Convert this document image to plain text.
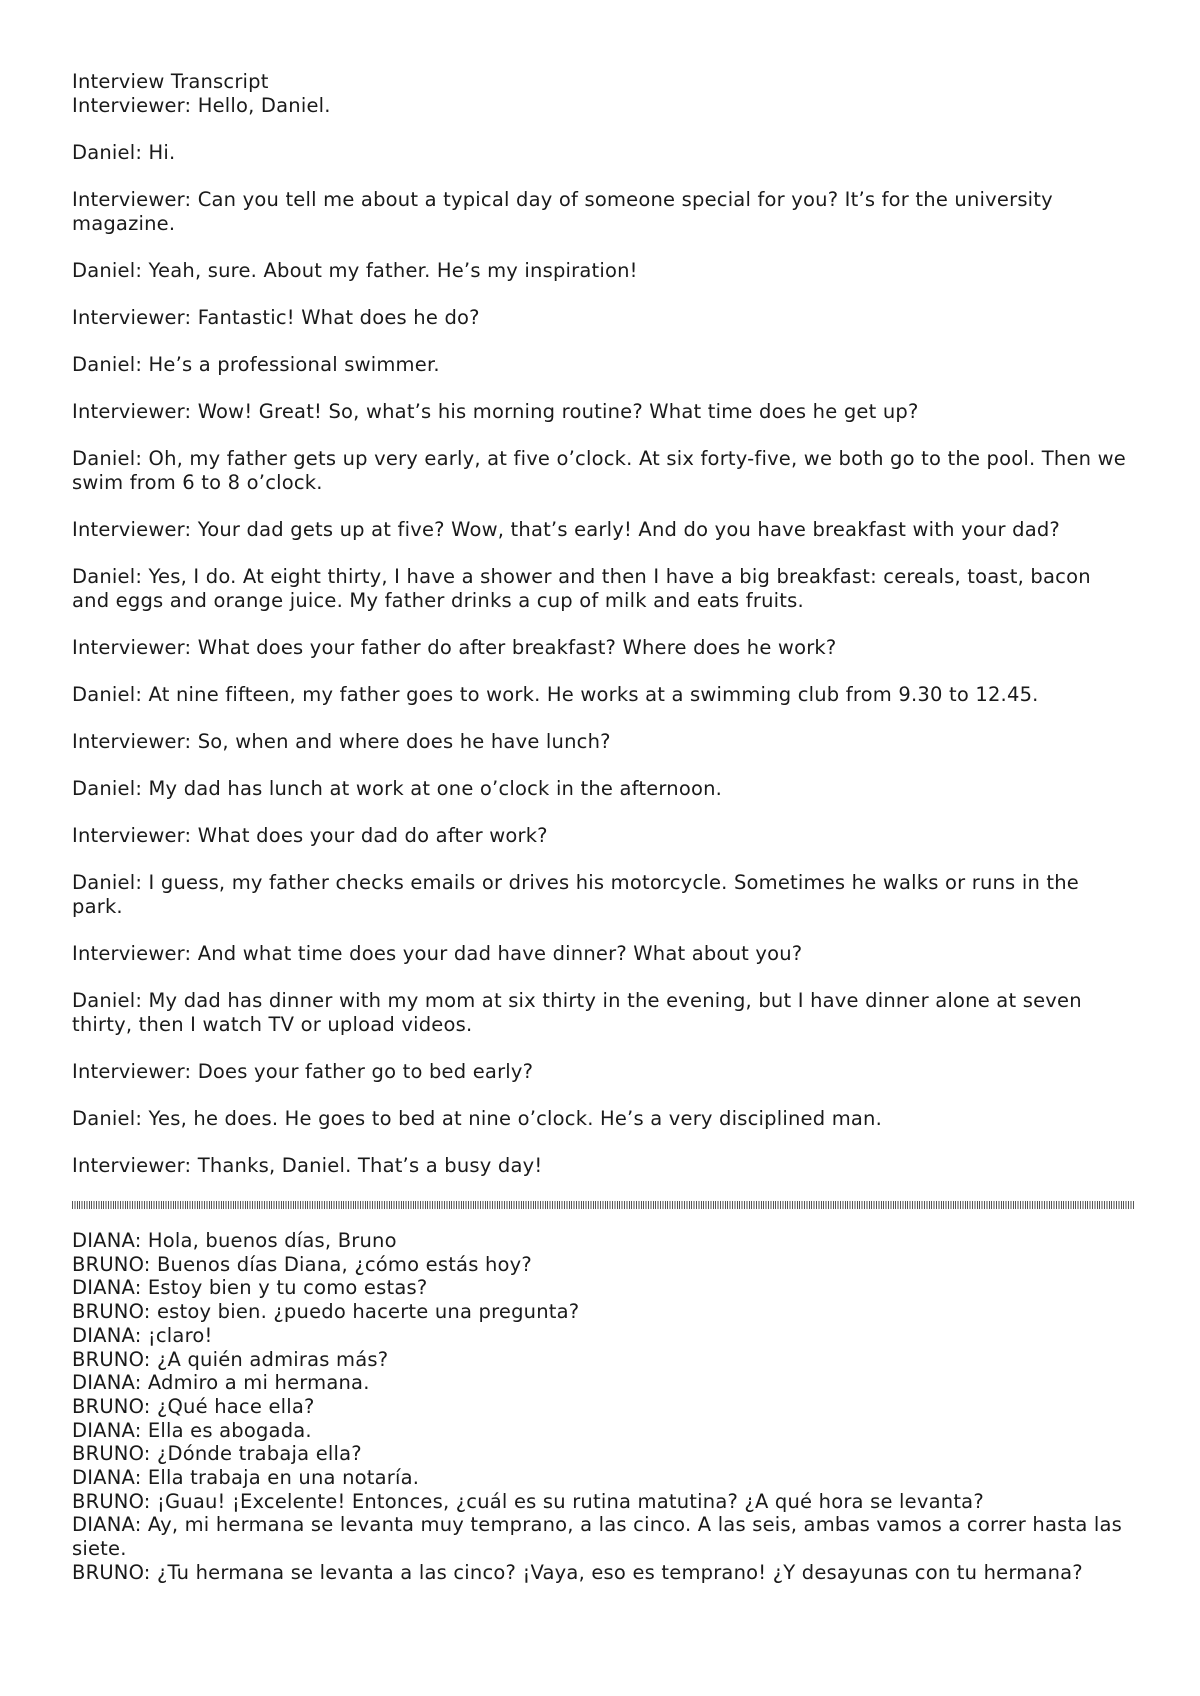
Interview Transcript

Interviewer: Hello, Daniel.

Daniel: Hi.

Interviewer: Can you tell me about a typical day of someone special for you? It’s for the university magazine.

Daniel: Yeah, sure. About my father. He’s my inspiration!

Interviewer: Fantastic! What does he do?

Daniel: He’s a professional swimmer.

Interviewer: Wow! Great! So, what’s his morning routine? What time does he get up?

Daniel: Oh, my father gets up very early, at five o’clock. At six forty-five, we both go to the pool. Then we swim from 6 to 8 o’clock.

Interviewer: Your dad gets up at five? Wow, that’s early! And do you have breakfast with your dad?

Daniel: Yes, I do. At eight thirty, I have a shower and then I have a big breakfast: cereals, toast, bacon and eggs and orange juice. My father drinks a cup of milk and eats fruits.

Interviewer: What does your father do after breakfast? Where does he work?

Daniel: At nine fifteen, my father goes to work. He works at a swimming club from 9.30 to 12.45.

Interviewer: So, when and where does he have lunch?

Daniel: My dad has lunch at work at one o’clock in the afternoon.

Interviewer: What does your dad do after work?

Daniel: I guess, my father checks emails or drives his motorcycle. Sometimes he walks or runs in the park.

Interviewer: And what time does your dad have dinner? What about you?

Daniel: My dad has dinner with my mom at six thirty in the evening, but I have dinner alone at seven thirty, then I watch TV or upload videos.

Interviewer: Does your father go to bed early?

Daniel: Yes, he does. He goes to bed at nine o’clock. He’s a very disciplined man.

Interviewer: Thanks, Daniel. That’s a busy day!

DIANA: Hola, buenos días, Bruno

BRUNO: Buenos días Diana, ¿cómo estás hoy?

DIANA: Estoy bien y tu como estas?

BRUNO: estoy bien. ¿puedo hacerte una pregunta?

DIANA: ¡claro!

BRUNO: ¿A quién admiras más?

DIANA: Admiro a mi hermana.

BRUNO: ¿Qué hace ella?

DIANA: Ella es abogada.

BRUNO: ¿Dónde trabaja ella?

DIANA: Ella trabaja en una notaría.

BRUNO: ¡Guau! ¡Excelente! Entonces, ¿cuál es su rutina matutina? ¿A qué hora se levanta?

DIANA: Ay, mi hermana se levanta muy temprano, a las cinco. A las seis, ambas vamos a correr hasta las siete.

BRUNO: ¿Tu hermana se levanta a las cinco? ¡Vaya, eso es temprano! ¿Y desayunas con tu hermana?
